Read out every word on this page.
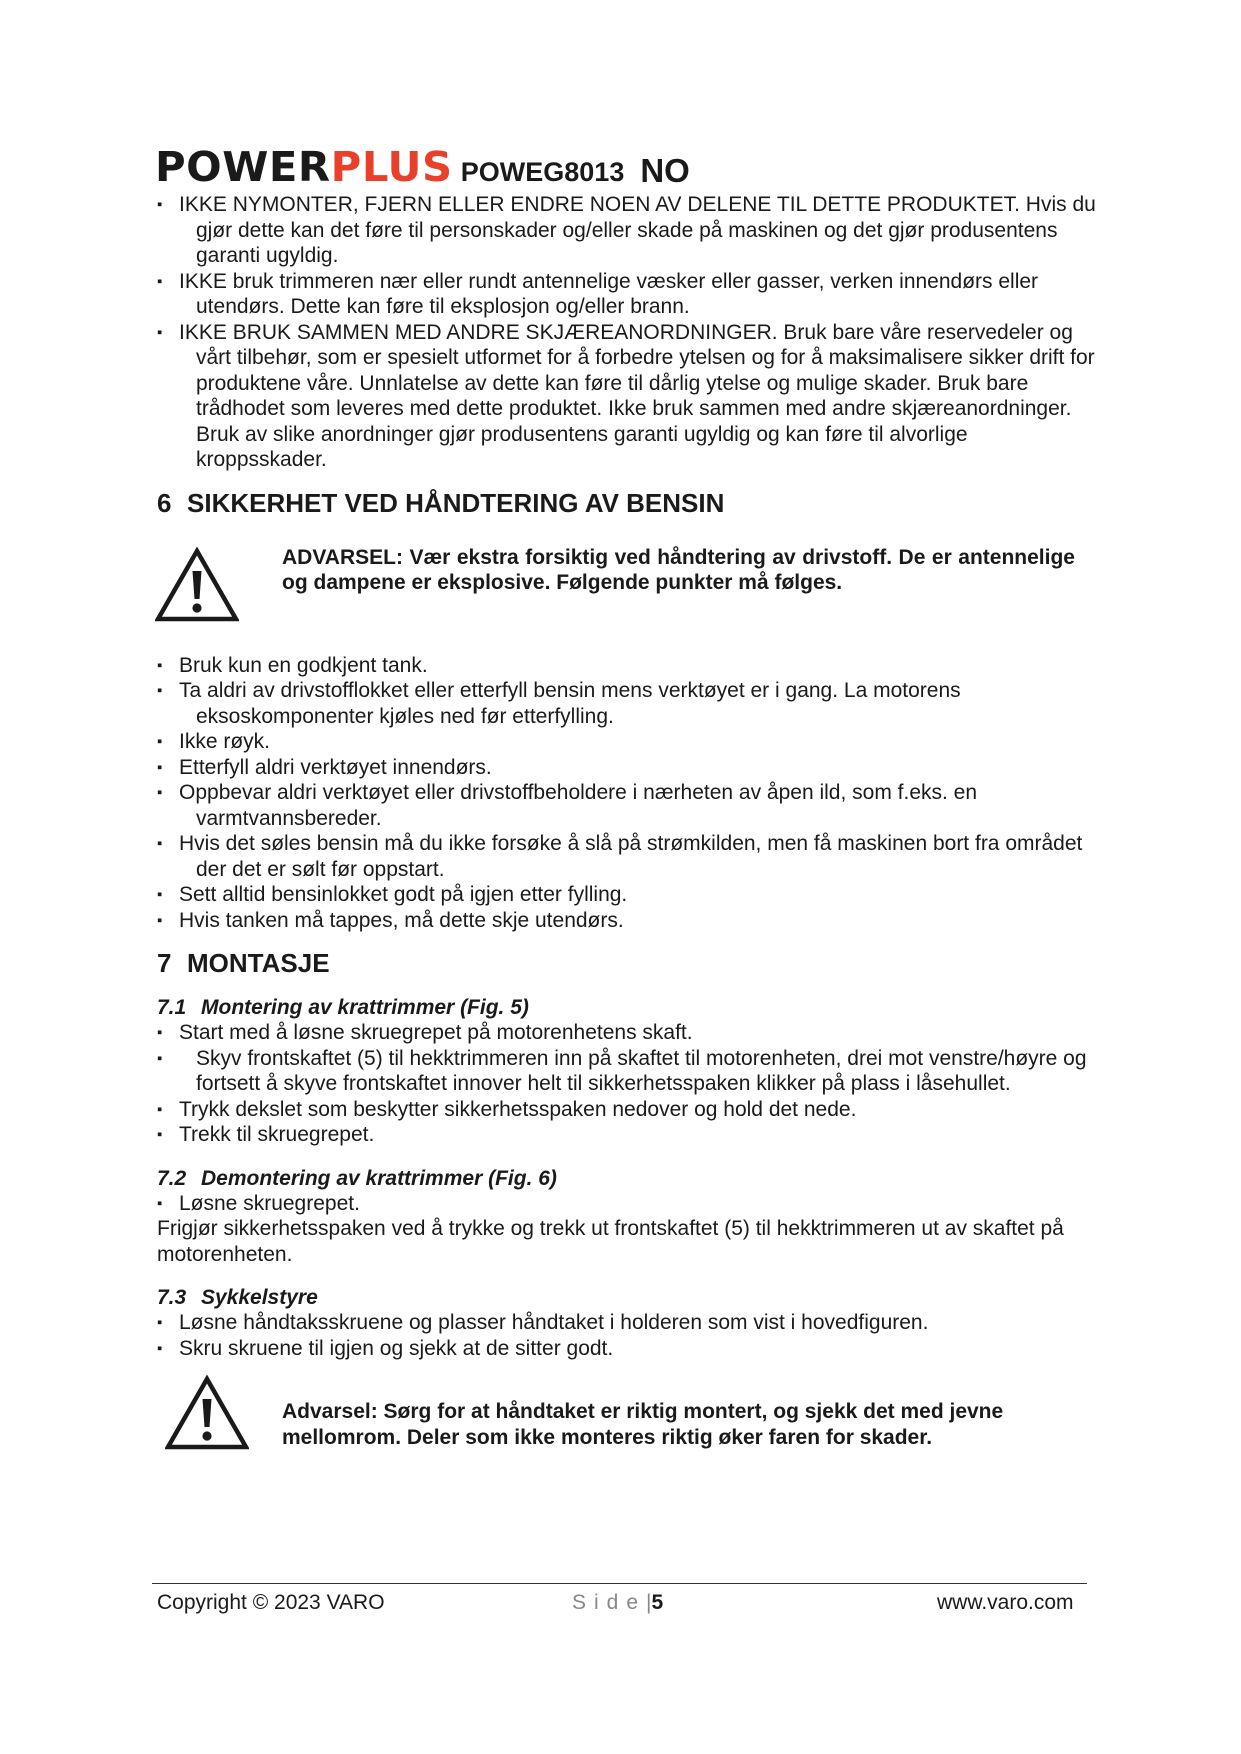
POWERPLUS POWEG8013 NO
▪ IKKE NYMONTER, FJERN ELLER ENDRE NOEN AV DELENE TIL DETTE PRODUKTET. Hvis du gjør dette kan det føre til personskader og/eller skade på maskinen og det gjør produsentens garanti ugyldig.
▪ IKKE bruk trimmeren nær eller rundt antennelige væsker eller gasser, verken innendørs eller utendørs. Dette kan føre til eksplosjon og/eller brann.
▪ IKKE BRUK SAMMEN MED ANDRE SKJÆREANORDNINGER. Bruk bare våre reservedeler og vårt tilbehør, som er spesielt utformet for å forbedre ytelsen og for å maksimalisere sikker drift for produktene våre. Unnlatelse av dette kan føre til dårlig ytelse og mulige skader. Bruk bare trådhodet som leveres med dette produktet. Ikke bruk sammen med andre skjæreanordninger. Bruk av slike anordninger gjør produsentens garanti ugyldig og kan føre til alvorlige kroppsskader.
6 SIKKERHET VED HÅNDTERING AV BENSIN
ADVARSEL: Vær ekstra forsiktig ved håndtering av drivstoff. De er antennelige og dampene er eksplosive. Følgende punkter må følges.
▪ Bruk kun en godkjent tank.
▪ Ta aldri av drivstofflokket eller etterfyll bensin mens verktøyet er i gang. La motorens eksoskomponenter kjøles ned før etterfylling.
▪ Ikke røyk.
▪ Etterfyll aldri verktøyet innendørs.
▪ Oppbevar aldri verktøyet eller drivstoffbeholdere i nærheten av åpen ild, som f.eks. en varmtvannsbereder.
▪ Hvis det søles bensin må du ikke forsøke å slå på strømkilden, men få maskinen bort fra området der det er sølt før oppstart.
▪ Sett alltid bensinlokket godt på igjen etter fylling.
▪ Hvis tanken må tappes, må dette skje utendørs.
7 MONTASJE
7.1 Montering av krattrimmer (Fig. 5)
▪ Start med å løsne skruegrepet på motorenhetens skaft.
▪ Skyv frontskaftet (5) til hekktrimmeren inn på skaftet til motorenheten, drei mot venstre/høyre og fortsett å skyve frontskaftet innover helt til sikkerhetsspaken klikker på plass i låsehullet.
▪ Trykk dekslet som beskytter sikkerhetsspaken nedover og hold det nede.
▪ Trekk til skruegrepet.
7.2 Demontering av krattrimmer (Fig. 6)
▪ Løsne skruegrepet.

Frigjør sikkerhetsspaken ved å trykke og trekk ut frontskaftet (5) til hekktrimmeren ut av skaftet på motorenheten.

7.3 Sykkelstyre
▪ Løsne håndtaksskruene og plasser håndtaket i holderen som vist i hovedfiguren.
▪ Skru skruene til igjen og sjekk at de sitter godt.
Advarsel: Sørg for at håndtaket er riktig montert, og sjekk det med jevne mellomrom. Deler som ikke monteres riktig øker faren for skader.
Copyright © 2023 VARO	Side|5	www.varo.com
